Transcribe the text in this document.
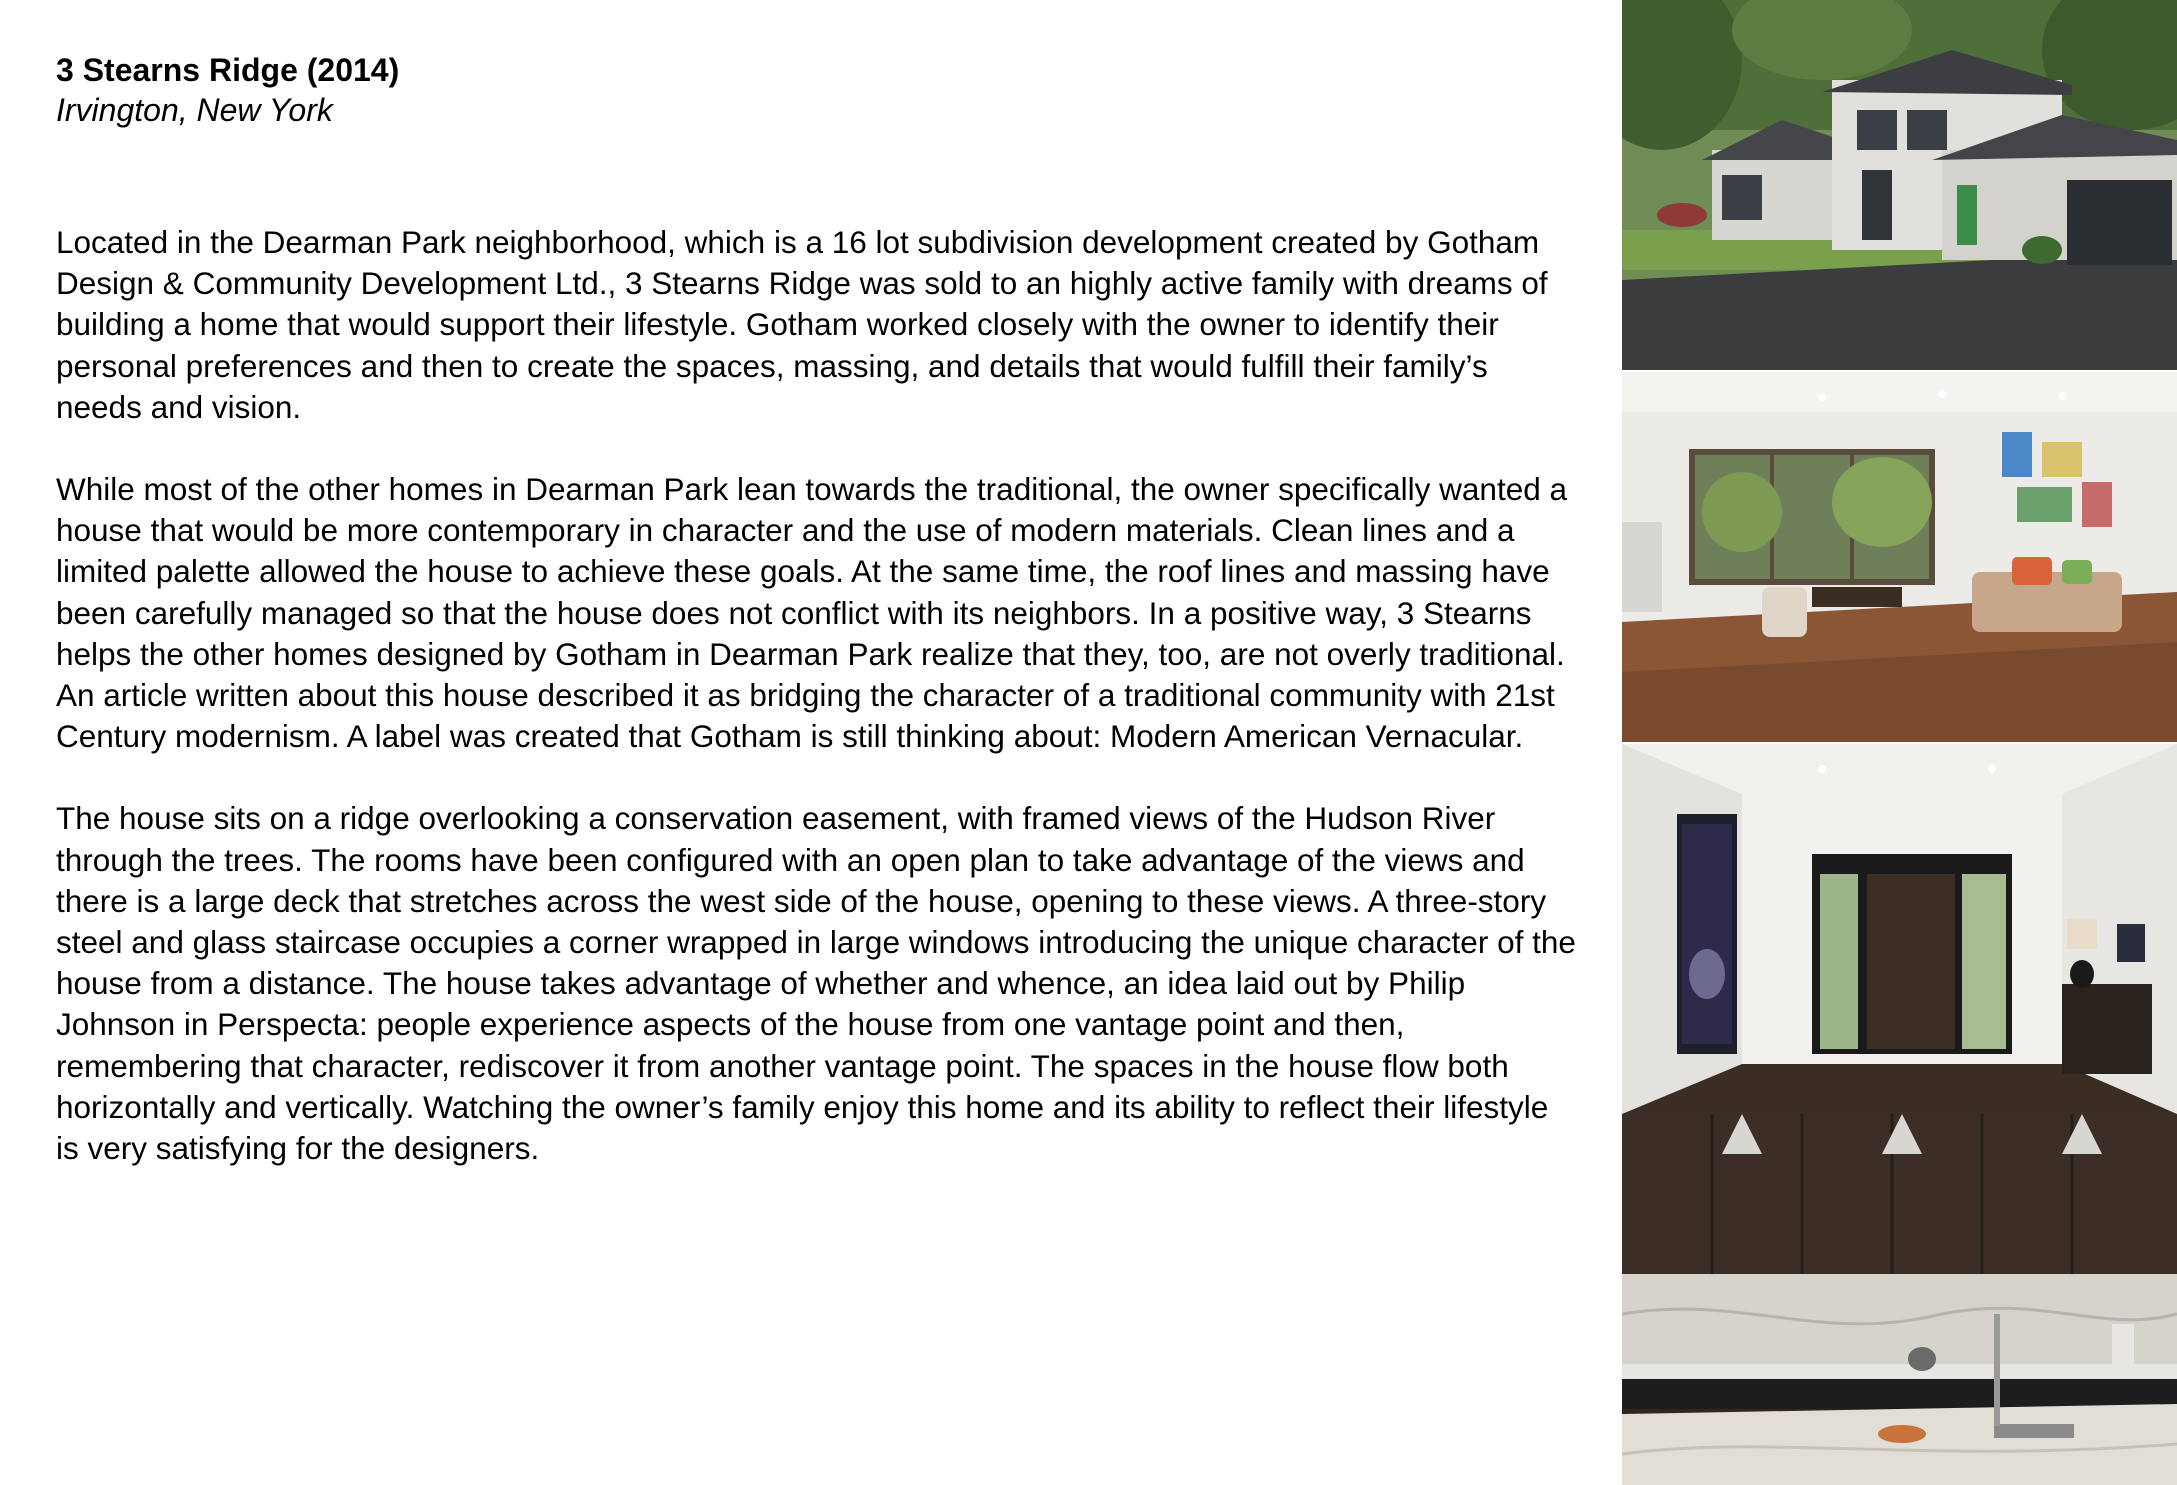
3 Stearns Ridge (2014)

Irvington, New York

Located in the Dearman Park neighborhood, which is a 16 lot subdivision development created by Gotham Design & Community Development Ltd., 3 Stearns Ridge was sold to an highly active family with dreams of building a home that would support their lifestyle. Gotham worked closely with the owner to identify their personal preferences and then to create the spaces, massing, and details that would fulfill their family’s needs and vision.

While most of the other homes in Dearman Park lean towards the traditional, the owner specifically wanted a house that would be more contemporary in character and the use of modern materials. Clean lines and a limited palette allowed the house to achieve these goals. At the same time, the roof lines and massing have been carefully managed so that the house does not conflict with its neighbors. In a positive way, 3 Stearns helps the other homes designed by Gotham in Dearman Park realize that they, too, are not overly traditional. An article written about this house described it as bridging the character of a traditional community with 21st Century modernism. A label was created that Gotham is still thinking about: Modern American Vernacular.

The house sits on a ridge overlooking a conservation easement, with framed views of the Hudson River through the trees. The rooms have been configured with an open plan to take advantage of the views and there is a large deck that stretches across the west side of the house, opening to these views. A three-story steel and glass staircase occupies a corner wrapped in large windows introducing the unique character of the house from a distance. The house takes advantage of whether and whence, an idea laid out by Philip Johnson in Perspecta: people experience aspects of the house from one vantage point and then, remembering that character, rediscover it from another vantage point. The spaces in the house flow both horizontally and vertically. Watching the owner’s family enjoy this home and its ability to reflect their lifestyle is very satisfying for the designers.
